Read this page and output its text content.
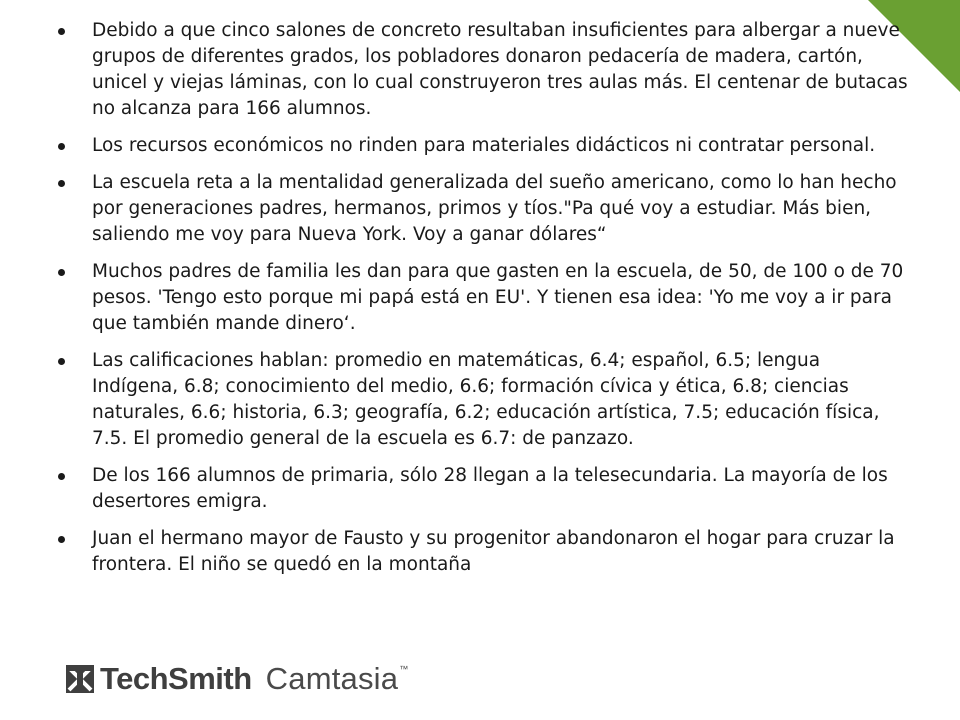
Debido a que cinco salones de concreto resultaban insuficientes para albergar a nueve grupos de diferentes grados, los pobladores donaron pedacería de madera, cartón, unicel y viejas láminas, con lo cual construyeron tres aulas más. El centenar de butacas no alcanza para 166 alumnos.
Los recursos económicos no rinden para materiales didácticos ni contratar personal.
La escuela reta a la mentalidad generalizada del sueño americano, como lo han hecho por generaciones padres, hermanos, primos y tíos."Pa qué voy a estudiar. Más bien, saliendo me voy para Nueva York. Voy a ganar dólares“
Muchos padres de familia les dan para que gasten en la escuela, de 50, de 100 o de 70 pesos. 'Tengo esto porque mi papá está en EU'. Y tienen esa idea: 'Yo me voy a ir para que también mande dinero‘.
Las calificaciones hablan: promedio en matemáticas, 6.4; español, 6.5; lengua Indígena, 6.8; conocimiento del medio, 6.6; formación cívica y ética, 6.8; ciencias naturales, 6.6; historia, 6.3; geografía, 6.2; educación artística, 7.5; educación física, 7.5. El promedio general de la escuela es 6.7: de panzazo.
De los 166 alumnos de primaria, sólo 28 llegan a la telesecundaria. La mayoría de los desertores emigra.
Juan el hermano mayor de Fausto y su progenitor abandonaron el hogar para cruzar la frontera. El niño se quedó en la montaña
TechSmith Camtasia ™
